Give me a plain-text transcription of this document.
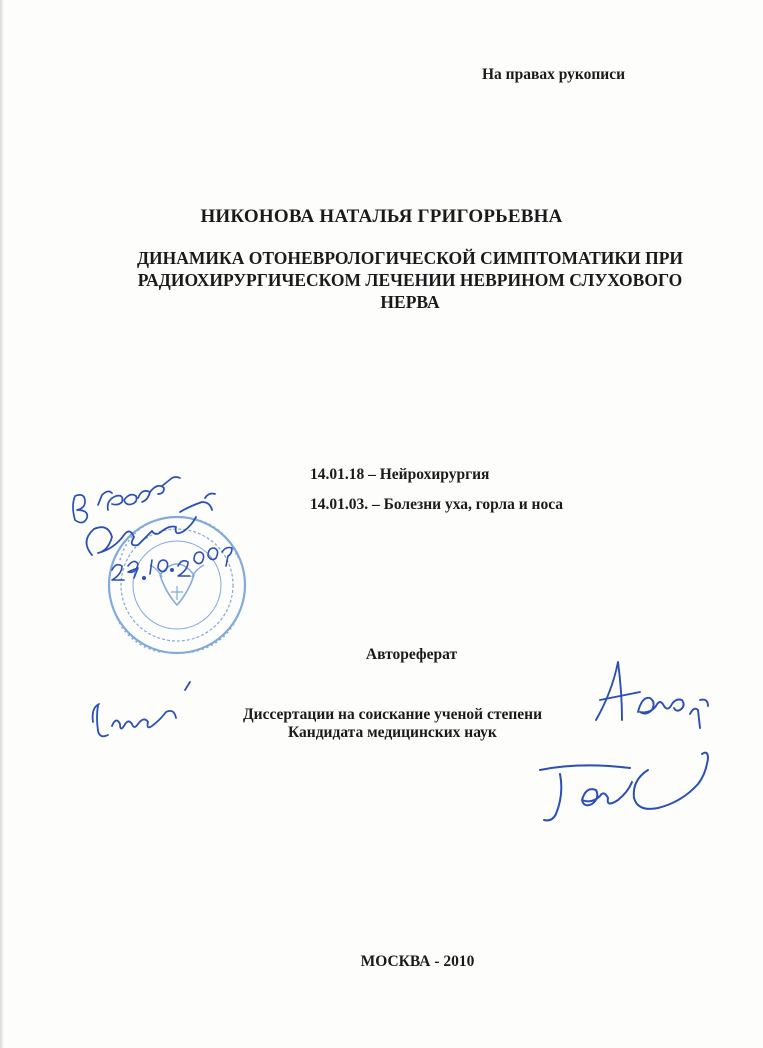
На правах рукописи
НИКОНОВА НАТАЛЬЯ ГРИГОРЬЕВНА
ДИНАМИКА ОТОНЕВРОЛОГИЧЕСКОЙ СИМПТОМАТИКИ ПРИ
РАДИОХИРУРГИЧЕСКОМ ЛЕЧЕНИИ НЕВРИНОМ СЛУХОВОГО
НЕРВА
14.01.18 – Нейрохирургия
14.01.03. – Болезни уха, горла и носа
Автореферат
Диссертации на соискание ученой степени
Кандидата медицинских наук
МОСКВА - 2010
